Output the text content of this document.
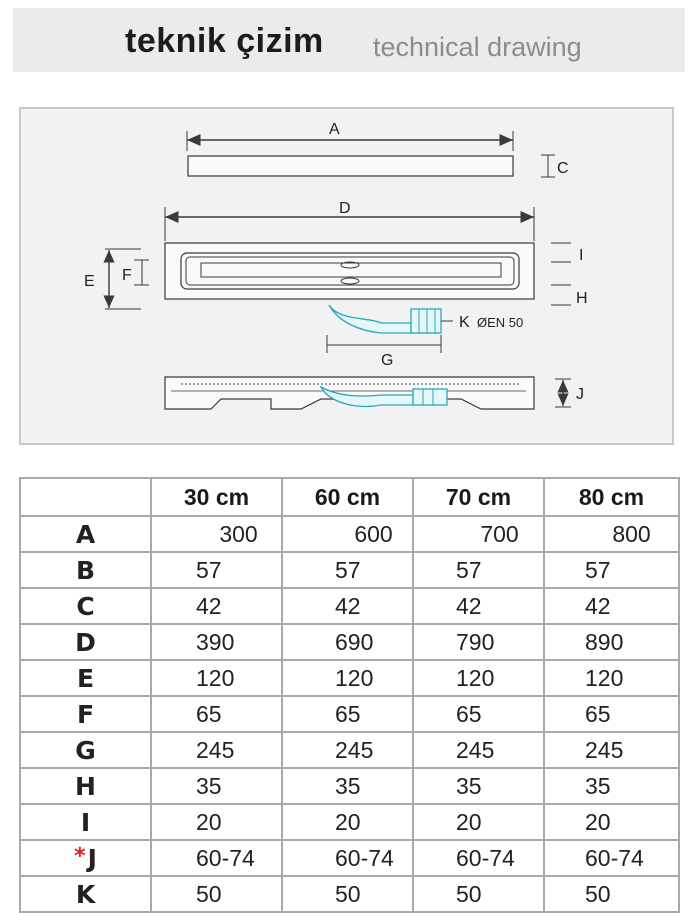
teknik çizim technical drawing
A
C
D
E F
I
H
K ØEN 50
G
J
	30 cm	60 cm	70 cm	80 cm
A	300	600	700	800
B	57	57	57	57
C	42	42	42	42
D	390	690	790	890
E	120	120	120	120
F	65	65	65	65
G	245	245	245	245
H	35	35	35	35
I	20	20	20	20
*J	60-74	60-74	60-74	60-74
K	50	50	50	50
